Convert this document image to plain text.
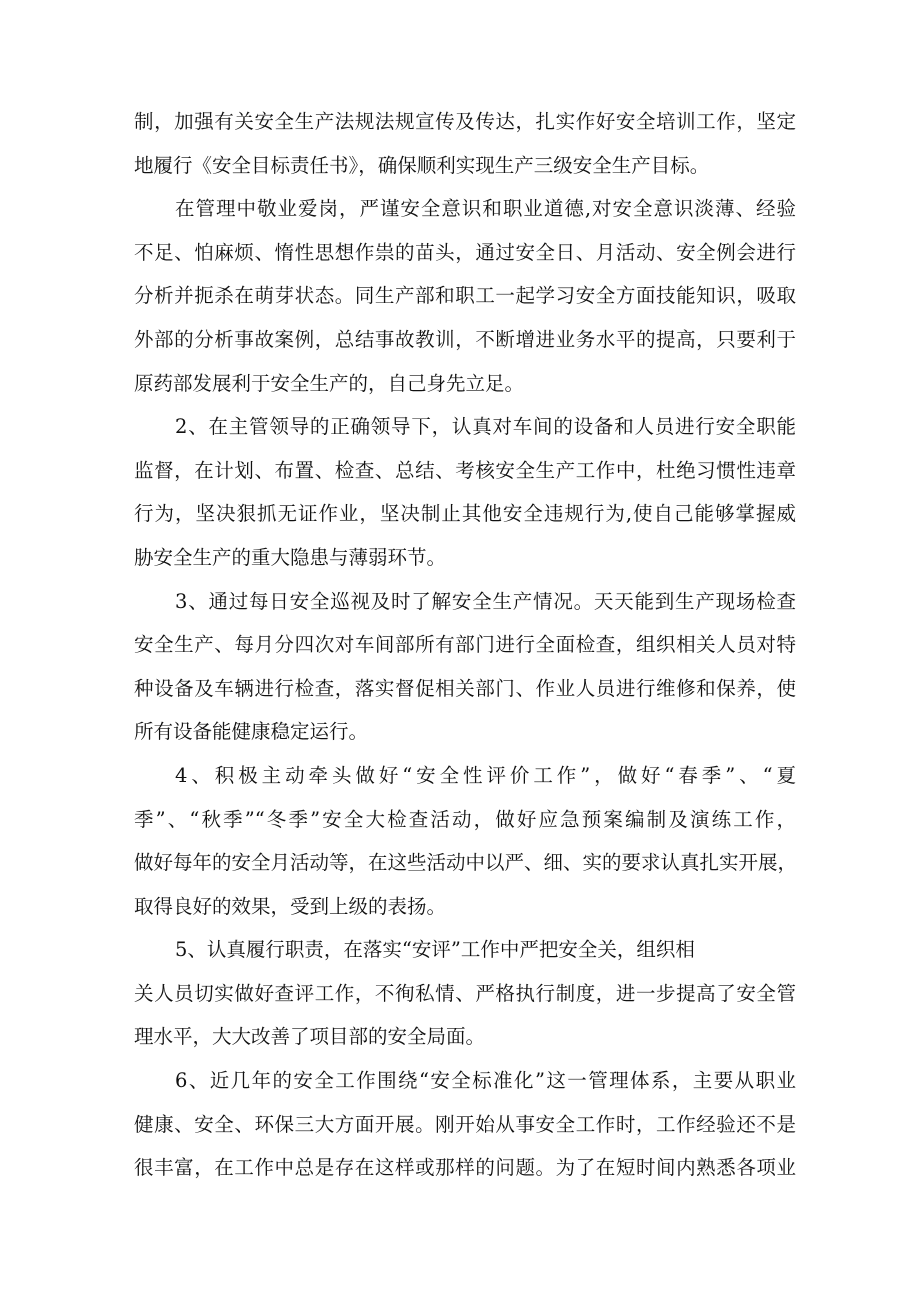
制，加强有关安全生产法规法规宣传及传达，扎实作好安全培训工作，坚定
地履行《安全目标责任书》，确保顺利实现生产三级安全生产目标。
在管理中敬业爱岗，严谨安全意识和职业道德,对安全意识淡薄、经验
不足、怕麻烦、惰性思想作祟的苗头，通过安全日、月活动、安全例会进行
分析并扼杀在萌芽状态。同生产部和职工一起学习安全方面技能知识，吸取
外部的分析事故案例，总结事故教训，不断增进业务水平的提高，只要利于
原药部发展利于安全生产的，自己身先立足。
2、在主管领导的正确领导下，认真对车间的设备和人员进行安全职能
监督，在计划、布置、检查、总结、考核安全生产工作中，杜绝习惯性违章
行为，坚决狠抓无证作业，坚决制止其他安全违规行为,使自己能够掌握威
胁安全生产的重大隐患与薄弱环节。
3、通过每日安全巡视及时了解安全生产情况。天天能到生产现场检查
安全生产、每月分四次对车间部所有部门进行全面检查，组织相关人员对特
种设备及车辆进行检查，落实督促相关部门、作业人员进行维修和保养，使
所有设备能健康稳定运行。
4、积极主动牵头做好“安全性评价工作”，做好“春季”、“夏
季”、“秋季”“冬季”安全大检查活动，做好应急预案编制及演练工作，
做好每年的安全月活动等，在这些活动中以严、细、实的要求认真扎实开展，
取得良好的效果，受到上级的表扬。
5、认真履行职责，在落实“安评”工作中严把安全关，组织相
关人员切实做好查评工作，不徇私情、严格执行制度，进一步提高了安全管
理水平，大大改善了项目部的安全局面。
6、近几年的安全工作围绕“安全标准化”这一管理体系，主要从职业
健康、安全、环保三大方面开展。刚开始从事安全工作时，工作经验还不是
很丰富，在工作中总是存在这样或那样的问题。为了在短时间内熟悉各项业
